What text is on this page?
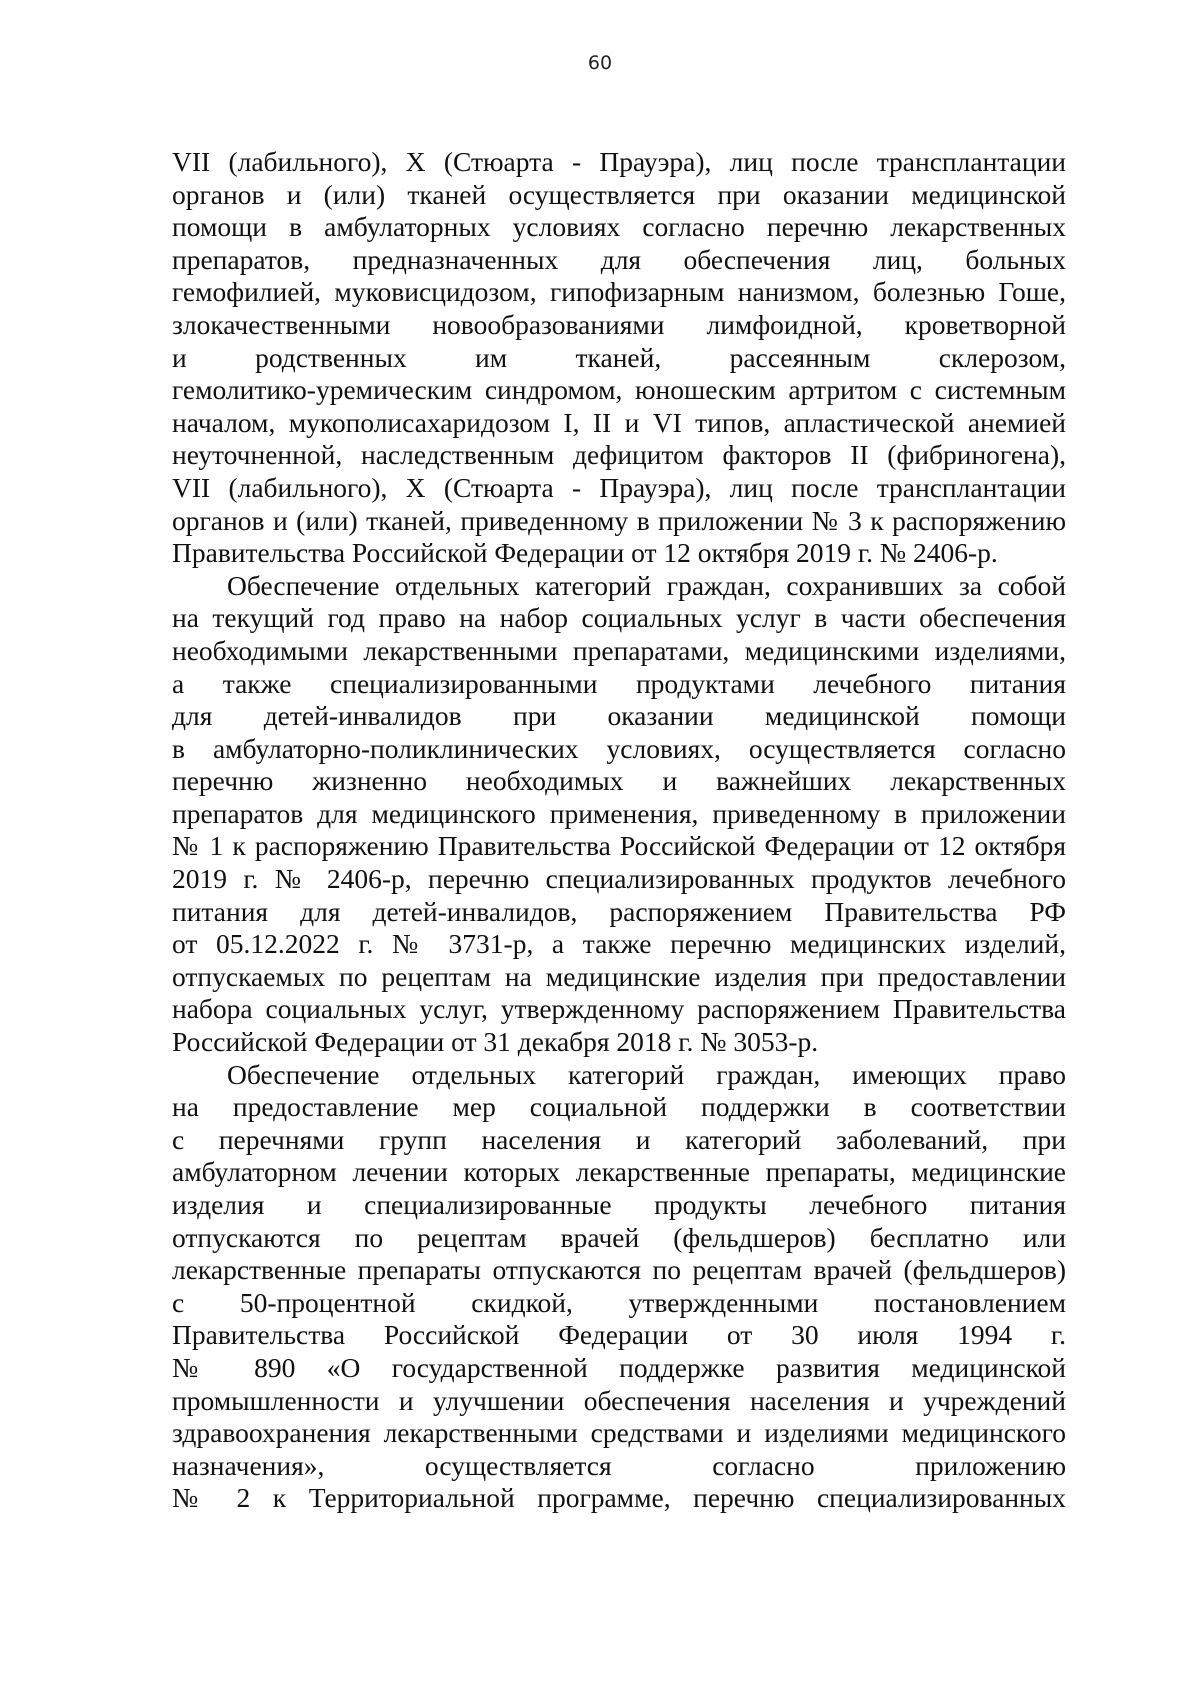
60
VII (лабильного), X (Стюарта - Прауэра), лиц после трансплантации
органов и (или) тканей осуществляется при оказании медицинской
помощи в амбулаторных условиях согласно перечню лекарственных
препаратов, предназначенных для обеспечения лиц, больных
гемофилией, муковисцидозом, гипофизарным нанизмом, болезнью Гоше,
злокачественными новообразованиями лимфоидной, кроветворной
и родственных им тканей, рассеянным склерозом,
гемолитико-уремическим синдромом, юношеским артритом с системным
началом, мукополисахаридозом I, II и VI типов, апластической анемией
неуточненной, наследственным дефицитом факторов II (фибриногена),
VII (лабильного), X (Стюарта - Прауэра), лиц после трансплантации
органов и (или) тканей, приведенному в приложении № 3 к распоряжению
Правительства Российской Федерации от 12 октября 2019 г. № 2406-р.
Обеспечение отдельных категорий граждан, сохранивших за собой
на текущий год право на набор социальных услуг в части обеспечения
необходимыми лекарственными препаратами, медицинскими изделиями,
а также специализированными продуктами лечебного питания
для детей-инвалидов при оказании медицинской помощи
в амбулаторно-поликлинических условиях, осуществляется согласно
перечню жизненно необходимых и важнейших лекарственных
препаратов для медицинского применения, приведенному в приложении
№ 1 к распоряжению Правительства Российской Федерации от 12 октября
2019 г. № 2406-р, перечню специализированных продуктов лечебного
питания для детей-инвалидов, распоряжением Правительства РФ
от 05.12.2022 г. № 3731-р, а также перечню медицинских изделий,
отпускаемых по рецептам на медицинские изделия при предоставлении
набора социальных услуг, утвержденному распоряжением Правительства
Российской Федерации от 31 декабря 2018 г. № 3053-р.
Обеспечение отдельных категорий граждан, имеющих право
на предоставление мер социальной поддержки в соответствии
с перечнями групп населения и категорий заболеваний, при
амбулаторном лечении которых лекарственные препараты, медицинские
изделия и специализированные продукты лечебного питания
отпускаются по рецептам врачей (фельдшеров) бесплатно или
лекарственные препараты отпускаются по рецептам врачей (фельдшеров)
с 50-процентной скидкой, утвержденными постановлением
Правительства Российской Федерации от 30 июля 1994 г.
№ 890 «О государственной поддержке развития медицинской
промышленности и улучшении обеспечения населения и учреждений
здравоохранения лекарственными средствами и изделиями медицинского
назначения», осуществляется согласно приложению
№ 2 к Территориальной программе, перечню специализированных
